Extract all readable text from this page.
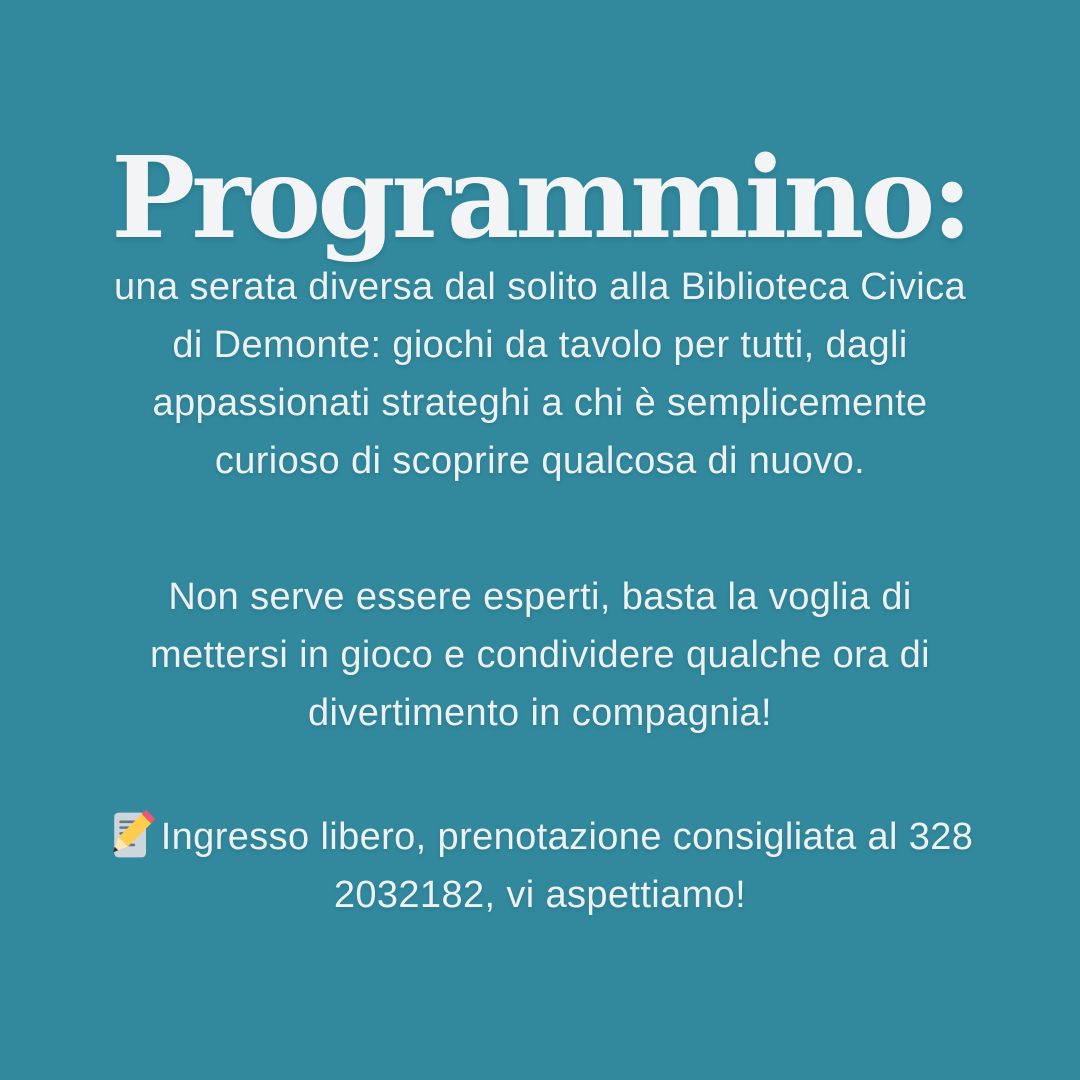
Programmino:
una serata diversa dal solito alla Biblioteca Civica
di Demonte: giochi da tavolo per tutti, dagli
appassionati strateghi a chi è semplicemente
curioso di scoprire qualcosa di nuovo.
Non serve essere esperti, basta la voglia di
mettersi in gioco e condividere qualche ora di
divertimento in compagnia!
Ingresso libero, prenotazione consigliata al 328
2032182, vi aspettiamo!
